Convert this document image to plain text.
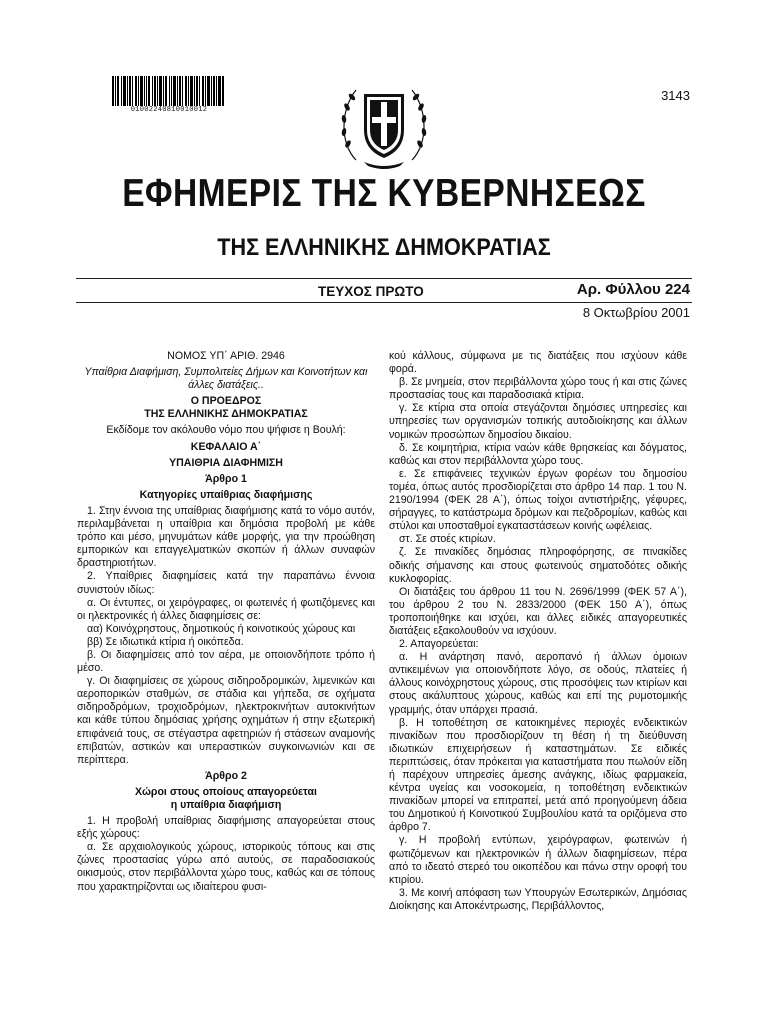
01002240810010012
3143
ΕΦΗΜΕΡΙΣ ΤΗΣ ΚΥΒΕΡΝΗΣΕΩΣ
ΤΗΣ ΕΛΛΗΝΙΚΗΣ ΔΗΜΟΚΡΑΤΙΑΣ
ΤΕΥΧΟΣ ΠΡΩΤΟ	Αρ. Φύλλου 224
8 Οκτωβρίου 2001

ΝΟΜΟΣ ΥΠ΄ ΑΡΙΘ. 2946

Υπαίθρια Διαφήμιση, Συμπολιτείες Δήμων και Κοινοτήτων και άλλες διατάξεις..

Ο ΠΡΟΕΔΡΟΣ

ΤΗΣ ΕΛΛΗΝΙΚΗΣ ΔΗΜΟΚΡΑΤΙΑΣ

Εκδίδομε τον ακόλουθο νόμο που ψήφισε η Βουλή:

ΚΕΦΑΛΑΙΟ Α΄

ΥΠΑΙΘΡΙΑ ΔΙΑΦΗΜΙΣΗ

Άρθρο 1

Κατηγορίες υπαίθριας διαφήμισης

1. Στην έννοια της υπαίθριας διαφήμισης κατά το νόμο αυτόν, περιλαμβάνεται η υπαίθρια και δημόσια προβολή με κάθε τρόπο και μέσο, μηνυμάτων κάθε μορφής, για την προώθηση εμπορικών και επαγγελματικών σκοπών ή άλλων συναφών δραστηριοτήτων.

2. Υπαίθριες διαφημίσεις κατά την παραπάνω έννοια συνιστούν ιδίως:

α. Οι έντυπες, οι χειρόγραφες, οι φωτεινές ή φωτιζόμενες και οι ηλεκτρονικές ή άλλες διαφημίσεις σε:

αα) Κοινόχρηστους, δημοτικούς ή κοινοτικούς χώρους και

ββ) Σε ιδιωτικά κτίρια ή οικόπεδα.

β. Οι διαφημίσεις από τον αέρα, με οποιονδήποτε τρόπο ή μέσο.

γ. Οι διαφημίσεις σε χώρους σιδηροδρομικών, λιμενικών και αεροπορικών σταθμών, σε στάδια και γήπεδα, σε οχήματα σιδηροδρόμων, τροχιοδρόμων, ηλεκτροκινήτων αυτοκινήτων και κάθε τύπου δημόσιας χρήσης οχημάτων ή στην εξωτερική επιφάνειά τους, σε στέγαστρα αφετηριών ή στάσεων αναμονής επιβατών, αστικών και υπεραστικών συγκοινωνιών και σε περίπτερα.

Άρθρο 2

Χώροι στους οποίους απαγορεύεται

η υπαίθρια διαφήμιση

1. Η προβολή υπαίθριας διαφήμισης απαγορεύεται στους εξής χώρους:

α. Σε αρχαιολογικούς χώρους, ιστορικούς τόπους και στις ζώνες προστασίας γύρω από αυτούς, σε παραδοσιακούς οικισμούς, στον περιβάλλοντα χώρο τους, καθώς και σε τόπους που χαρακτηρίζονται ως ιδιαίτερου φυσι-

κού κάλλους, σύμφωνα με τις διατάξεις που ισχύουν κάθε φορά.

β. Σε μνημεία, στον περιβάλλοντα χώρο τους ή και στις ζώνες προστασίας τους και παραδοσιακά κτίρια.

γ. Σε κτίρια στα οποία στεγάζονται δημόσιες υπηρεσίες και υπηρεσίες των οργανισμών τοπικής αυτοδιοίκησης και άλλων νομικών προσώπων δημοσίου δικαίου.

δ. Σε κοιμητήρια, κτίρια ναών κάθε θρησκείας και δόγματος, καθώς και στον περιβάλλοντα χώρο τους.

ε. Σε επιφάνειες τεχνικών έργων φορέων του δημοσίου τομέα, όπως αυτός προσδιορίζεται στο άρθρο 14 παρ. 1 του Ν. 2190/1994 (ΦΕΚ 28 Α΄), όπως τοίχοι αντιστήριξης, γέφυρες, σήραγγες, το κατάστρωμα δρόμων και πεζοδρομίων, καθώς και στύλοι και υποσταθμοί εγκαταστάσεων κοινής ωφέλειας.

στ. Σε στοές κτιρίων.

ζ. Σε πινακίδες δημόσιας πληροφόρησης, σε πινακίδες οδικής σήμανσης και στους φωτεινούς σηματοδότες οδικής κυκλοφορίας.

Οι διατάξεις του άρθρου 11 του Ν. 2696/1999 (ΦΕΚ 57 Α΄), του άρθρου 2 του Ν. 2833/2000 (ΦΕΚ 150 Α΄), όπως τροποποιήθηκε και ισχύει, και άλλες ειδικές απαγορευτικές διατάξεις εξακολουθούν να ισχύουν.

2. Απαγορεύεται:

α. Η ανάρτηση πανό, αεροπανό ή άλλων όμοιων αντικειμένων για οποιονδήποτε λόγο, σε οδούς, πλατείες ή άλλους κοινόχρηστους χώρους, στις προσόψεις των κτιρίων και στους ακάλυπτους χώρους, καθώς και επί της ρυμοτομικής γραμμής, όταν υπάρχει πρασιά.

β. Η τοποθέτηση σε κατοικημένες περιοχές ενδεικτικών πινακίδων που προσδιορίζουν τη θέση ή τη διεύθυνση ιδιωτικών επιχειρήσεων ή καταστημάτων. Σε ειδικές περιπτώσεις, όταν πρόκειται για καταστήματα που πωλούν είδη ή παρέχουν υπηρεσίες άμεσης ανάγκης, ιδίως φαρμακεία, κέντρα υγείας και νοσοκομεία, η τοποθέτηση ενδεικτικών πινακίδων μπορεί να επιτραπεί, μετά από προηγούμενη άδεια του Δημοτικού ή Κοινοτικού Συμβουλίου κατά τα οριζόμενα στο άρθρο 7.

γ. Η προβολή εντύπων, χειρόγραφων, φωτεινών ή φωτιζόμενων και ηλεκτρονικών ή άλλων διαφημίσεων, πέρα από το ιδεατό στερεό του οικοπέδου και πάνω στην οροφή του κτιρίου.

3. Με κοινή απόφαση των Υπουργών Εσωτερικών, Δημόσιας Διοίκησης και Αποκέντρωσης, Περιβάλλοντος,
